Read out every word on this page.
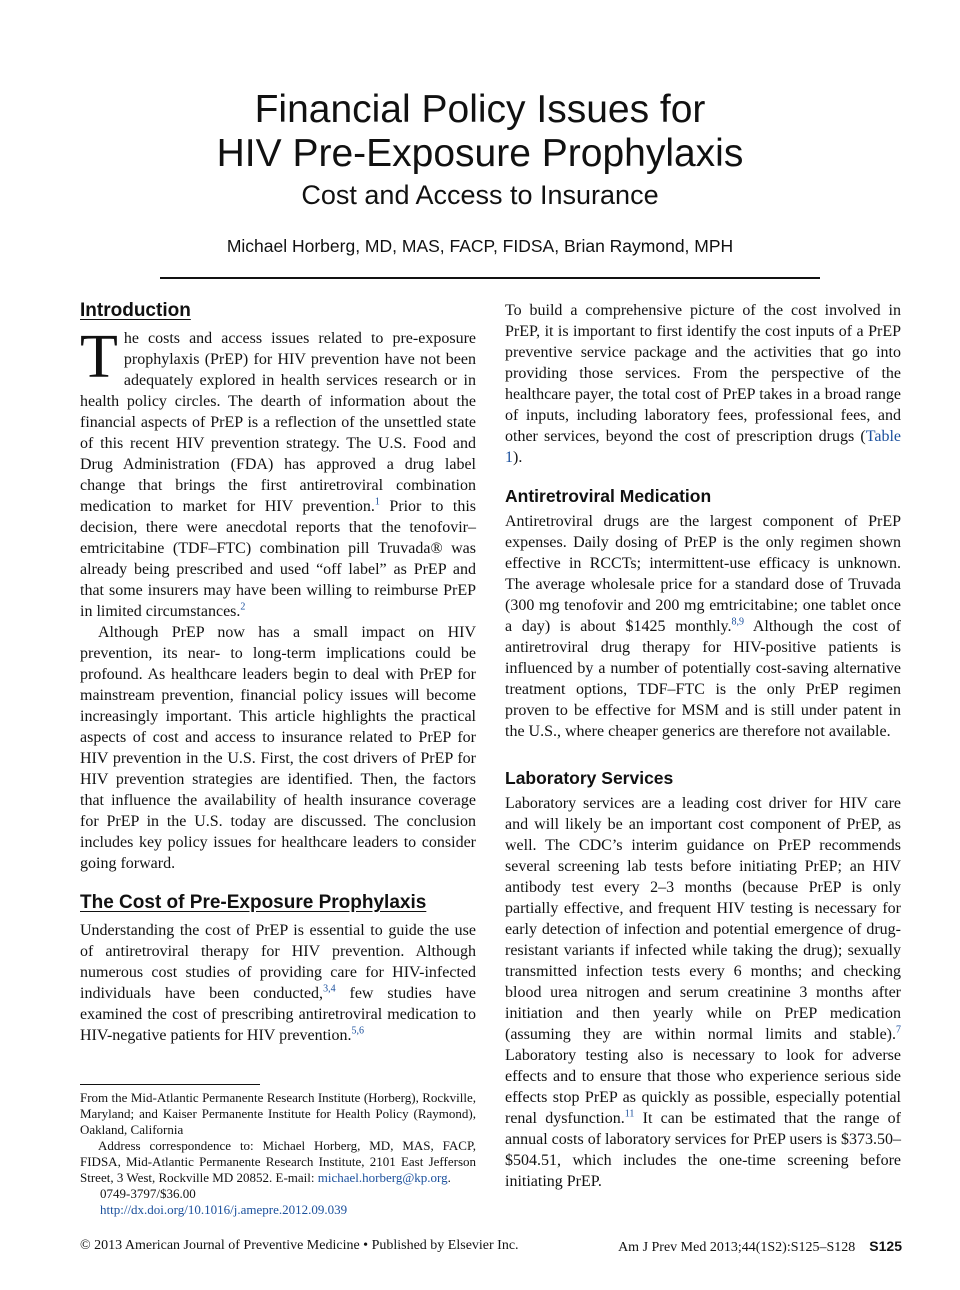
Financial Policy Issues for
HIV Pre-Exposure Prophylaxis
Cost and Access to Insurance
Michael Horberg, MD, MAS, FACP, FIDSA, Brian Raymond, MPH
Introduction

The costs and access issues related to pre-exposure prophylaxis (PrEP) for HIV prevention have not been adequately explored in health services research or in health policy circles. The dearth of information about the financial aspects of PrEP is a reflection of the unsettled state of this recent HIV prevention strategy. The U.S. Food and Drug Administration (FDA) has approved a drug label change that brings the first antiretroviral combination medication to market for HIV prevention.$^1$ Prior to this decision, there were anecdotal reports that the tenofovir– emtricitabine (TDF–FTC) combination pill Truvada® was already being prescribed and used “off label” as PrEP and that some insurers may have been willing to reimburse PrEP in limited circumstances.$^2$

Although PrEP now has a small impact on HIV prevention, its near- to long-term implications could be profound. As healthcare leaders begin to deal with PrEP for mainstream prevention, financial policy issues will become increasingly important. This article highlights the practical aspects of cost and access to insurance related to PrEP for HIV prevention in the U.S. First, the cost drivers of PrEP for HIV prevention strategies are identified. Then, the factors that influence the availability of health insurance coverage for PrEP in the U.S. today are discussed. The conclusion includes key policy issues for healthcare leaders to consider going forward.

The Cost of Pre-Exposure Prophylaxis

Understanding the cost of PrEP is essential to guide the use of antiretroviral therapy for HIV prevention. Although numerous cost studies of providing care for HIV-infected individuals have been conducted,$^{3,4}$ few studies have examined the cost of prescribing antiretroviral medication to HIV-negative patients for HIV prevention.$^{5,6}$

From the Mid-Atlantic Permanente Research Institute (Horberg), Rockville, Maryland; and Kaiser Permanente Institute for Health Policy (Raymond), Oakland, California

Address correspondence to: Michael Horberg, MD, MAS, FACP, FIDSA, Mid-Atlantic Permanente Research Institute, 2101 East Jefferson Street, 3 West, Rockville MD 20852. E-mail: michael.horberg@kp.org.

0749-3797/$36.00

http://dx.doi.org/10.1016/j.amepre.2012.09.039

To build a comprehensive picture of the cost involved in PrEP, it is important to first identify the cost inputs of a PrEP preventive service package and the activities that go into providing those services. From the perspective of the healthcare payer, the total cost of PrEP takes in a broad range of inputs, including laboratory fees, professional fees, and other services, beyond the cost of prescription drugs (Table 1).

Antiretroviral Medication

Antiretroviral drugs are the largest component of PrEP expenses. Daily dosing of PrEP is the only regimen shown effective in RCCTs; intermittent-use efficacy is unknown. The average wholesale price for a standard dose of Truvada (300 mg tenofovir and 200 mg emtricitabine; one tablet once a day) is about $1425 monthly.$^{8,9}$ Although the cost of antiretroviral drug therapy for HIV-positive patients is influenced by a number of potentially cost-saving alternative treatment options, TDF–FTC is the only PrEP regimen proven to be effective for MSM and is still under patent in the U.S., where cheaper generics are therefore not available.

Laboratory Services

Laboratory services are a leading cost driver for HIV care and will likely be an important cost component of PrEP, as well. The CDC’s interim guidance on PrEP recommends several screening lab tests before initiating PrEP; an HIV antibody test every 2–3 months (because PrEP is only partially effective, and frequent HIV testing is necessary for early detection of infection and potential emergence of drug-resistant variants if infected while taking the drug); sexually transmitted infection tests every 6 months; and checking blood urea nitrogen and serum creatinine 3 months after initiation and then yearly while on PrEP medication (assuming they are within normal limits and stable).$^7$ Laboratory testing also is necessary to look for adverse effects and to ensure that those who experience serious side effects stop PrEP as quickly as possible, especially potential renal dysfunction.$^{11}$ It can be estimated that the range of annual costs of laboratory services for PrEP users is $373.50–$504.51, which includes the one-time screening before initiating PrEP.

© 2013 American Journal of Preventive Medicine • Published by Elsevier Inc.	Am J Prev Med 2013;44(1S2):S125–S128 S125
